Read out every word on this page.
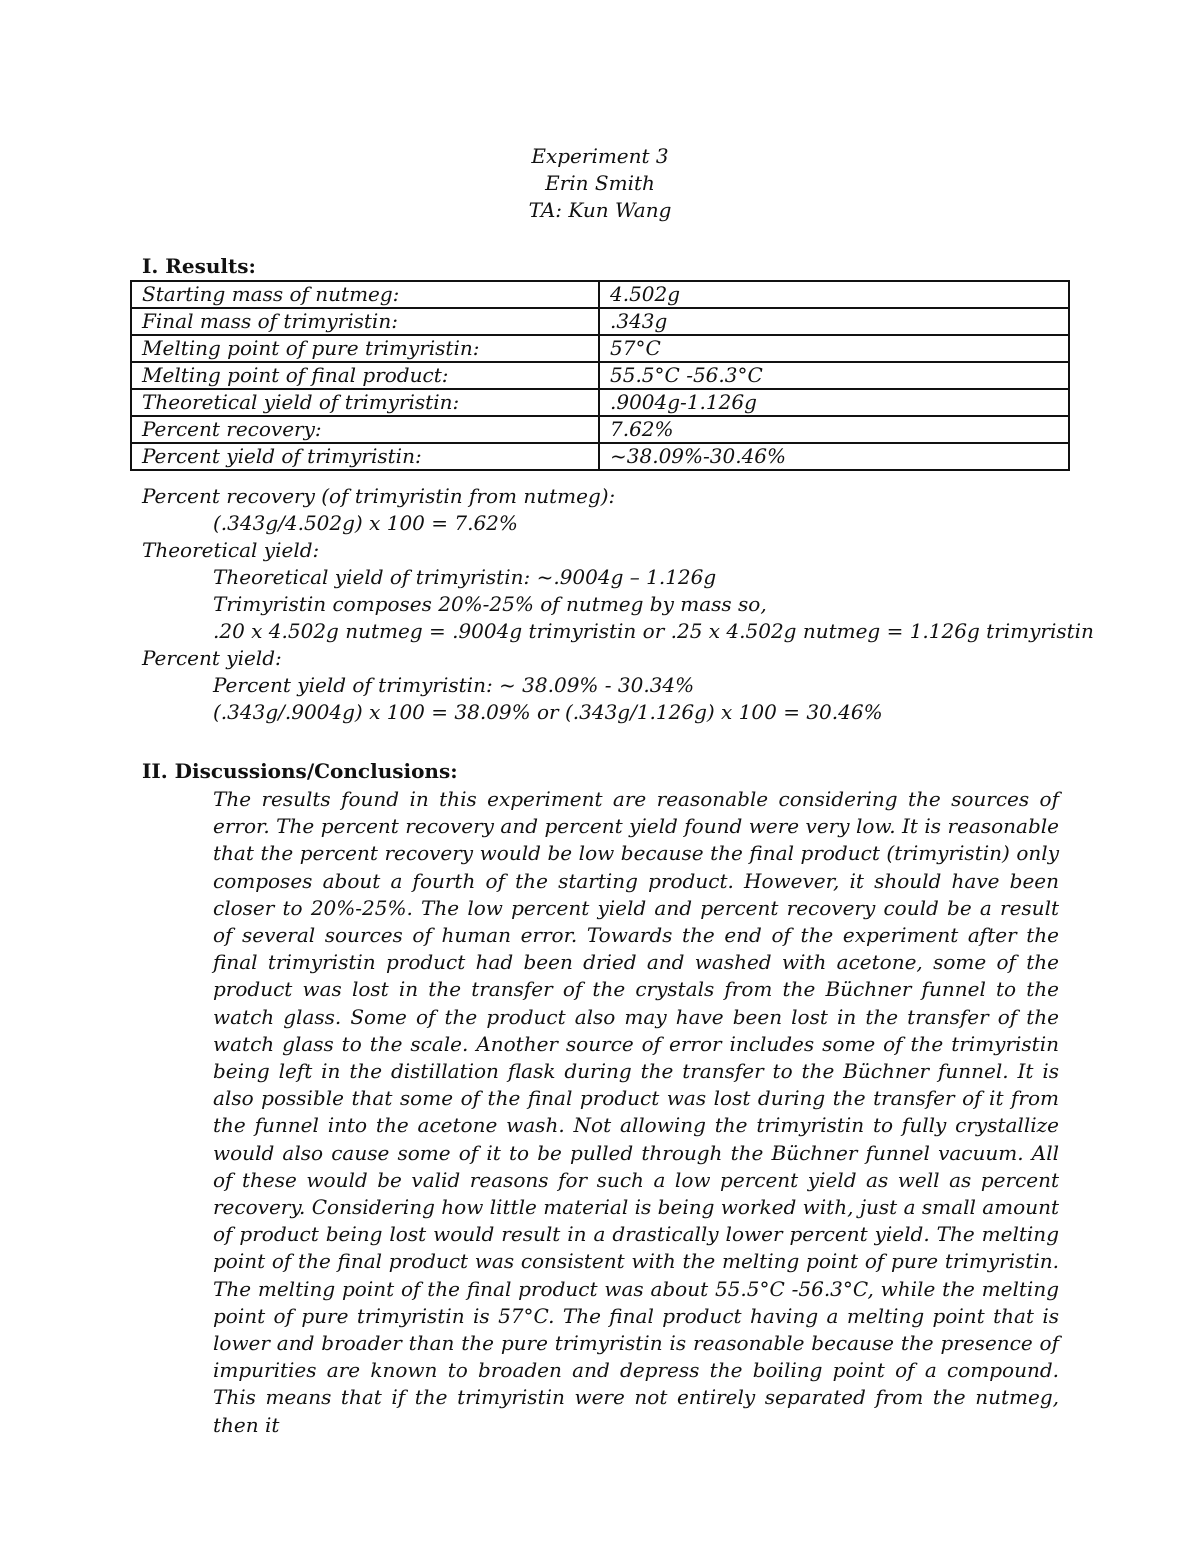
Experiment 3
Erin Smith
TA: Kun Wang
I. Results:
Starting mass of nutmeg:	4.502g
Final mass of trimyristin:	.343g
Melting point of pure trimyristin:	57°C
Melting point of final product:	55.5°C -56.3°C
Theoretical yield of trimyristin:	.9004g-1.126g
Percent recovery:	7.62%
Percent yield of trimyristin:	~38.09%-30.46%
Percent recovery (of trimyristin from nutmeg):
(.343g/4.502g) x 100 = 7.62%
Theoretical yield:
Theoretical yield of trimyristin: ~.9004g – 1.126g
Trimyristin composes 20%-25% of nutmeg by mass so,
.20 x 4.502g nutmeg = .9004g trimyristin or .25 x 4.502g nutmeg = 1.126g trimyristin
Percent yield:
Percent yield of trimyristin: ~ 38.09% - 30.34%
(.343g/.9004g) x 100 = 38.09% or (.343g/1.126g) x 100 = 30.46%
II. Discussions/Conclusions:
The results found in this experiment are reasonable considering the sources of error. The percent recovery and percent yield found were very low. It is reasonable that the percent recovery would be low because the final product (trimyristin) only composes about a fourth of the starting product. However, it should have been closer to 20%-25%. The low percent yield and percent recovery could be a result of several sources of human error. Towards the end of the experiment after the final trimyristin product had been dried and washed with acetone, some of the product was lost in the transfer of the crystals from the Büchner funnel to the watch glass. Some of the product also may have been lost in the transfer of the watch glass to the scale. Another source of error includes some of the trimyristin being left in the distillation flask during the transfer to the Büchner funnel. It is also possible that some of the final product was lost during the transfer of it from the funnel into the acetone wash. Not allowing the trimyristin to fully crystallize would also cause some of it to be pulled through the Büchner funnel vacuum. All of these would be valid reasons for such a low percent yield as well as percent recovery. Considering how little material is being worked with, just a small amount of product being lost would result in a drastically lower percent yield. The melting point of the final product was consistent with the melting point of pure trimyristin. The melting point of the final product was about 55.5°C -56.3°C, while the melting point of pure trimyristin is 57°C. The final product having a melting point that is lower and broader than the pure trimyristin is reasonable because the presence of impurities are known to broaden and depress the boiling point of a compound. This means that if the trimyristin were not entirely separated from the nutmeg, then it
